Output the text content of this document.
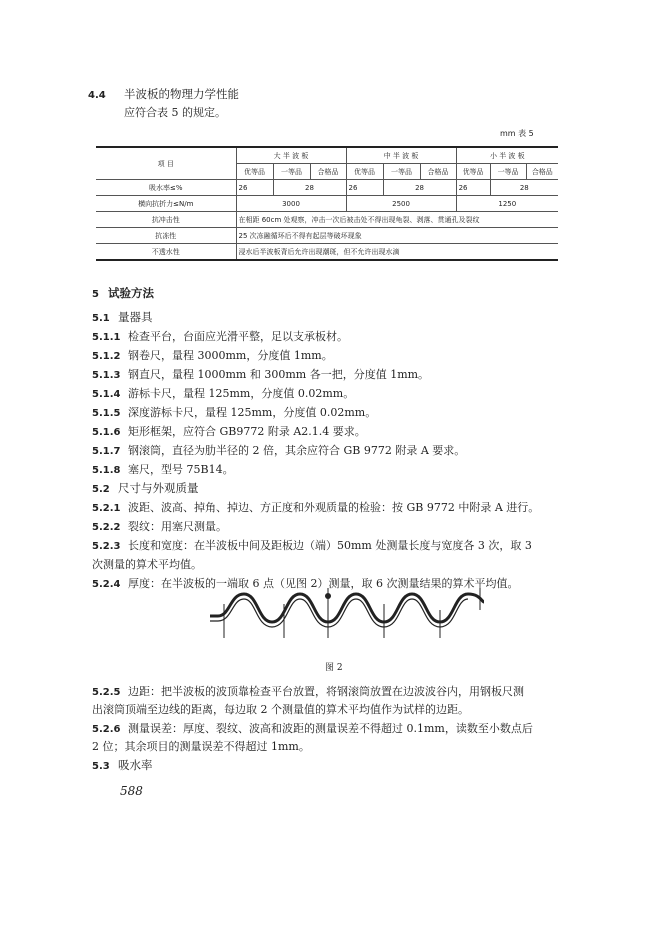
4.4 半波板的物理力学性能
应符合表 5 的规定。
mm 表 5
项 目	大 半 波 板			中 半 波 板			小 半 波 板		
	优等品	一等品	合格品	优等品	一等品	合格品	优等品	一等品	合格品
吸水率≤%	26	28		26	28		26	28	
横向抗折力≤N/m	3000			2500			1250		
抗冲击性	在相距 60cm 处观察，冲击一次后被击处不得出现龟裂、剥落、贯通孔及裂纹								
抗冻性	25 次冻融循环后不得有起层等破坏现象								
不透水性	浸水后半波板背后允许出现潮斑，但不允许出现水滴								
5 试验方法
5.1 量器具
5.1.1 检查平台，台面应光滑平整，足以支承板材。
5.1.2 钢卷尺，量程 3000mm，分度值 1mm。
5.1.3 钢直尺，量程 1000mm 和 300mm 各一把，分度值 1mm。
5.1.4 游标卡尺，量程 125mm，分度值 0.02mm。
5.1.5 深度游标卡尺，量程 125mm，分度值 0.02mm。
5.1.6 矩形框架，应符合 GB9772 附录 A2.1.4 要求。
5.1.7 钢滚筒，直径为肋半径的 2 倍，其余应符合 GB 9772 附录 A 要求。
5.1.8 塞尺，型号 75B14。
5.2 尺寸与外观质量
5.2.1 波距、波高、掉角、掉边、方正度和外观质量的检验：按 GB 9772 中附录 A 进行。
5.2.2 裂纹：用塞尺测量。
5.2.3 长度和宽度：在半波板中间及距板边（端）50mm 处测量长度与宽度各 3 次，取 3
次测量的算术平均值。
5.2.4 厚度：在半波板的一端取 6 点（见图 2）测量，取 6 次测量结果的算术平均值。
图 2
5.2.5 边距：把半波板的波顶靠检查平台放置，将钢滚筒放置在边波波谷内，用钢板尺测
出滚筒顶端至边线的距离，每边取 2 个测量值的算术平均值作为试样的边距。
5.2.6 测量误差：厚度、裂纹、波高和波距的测量误差不得超过 0.1mm，读数至小数点后
2 位；其余项目的测量误差不得超过 1mm。
5.3 吸水率
588
